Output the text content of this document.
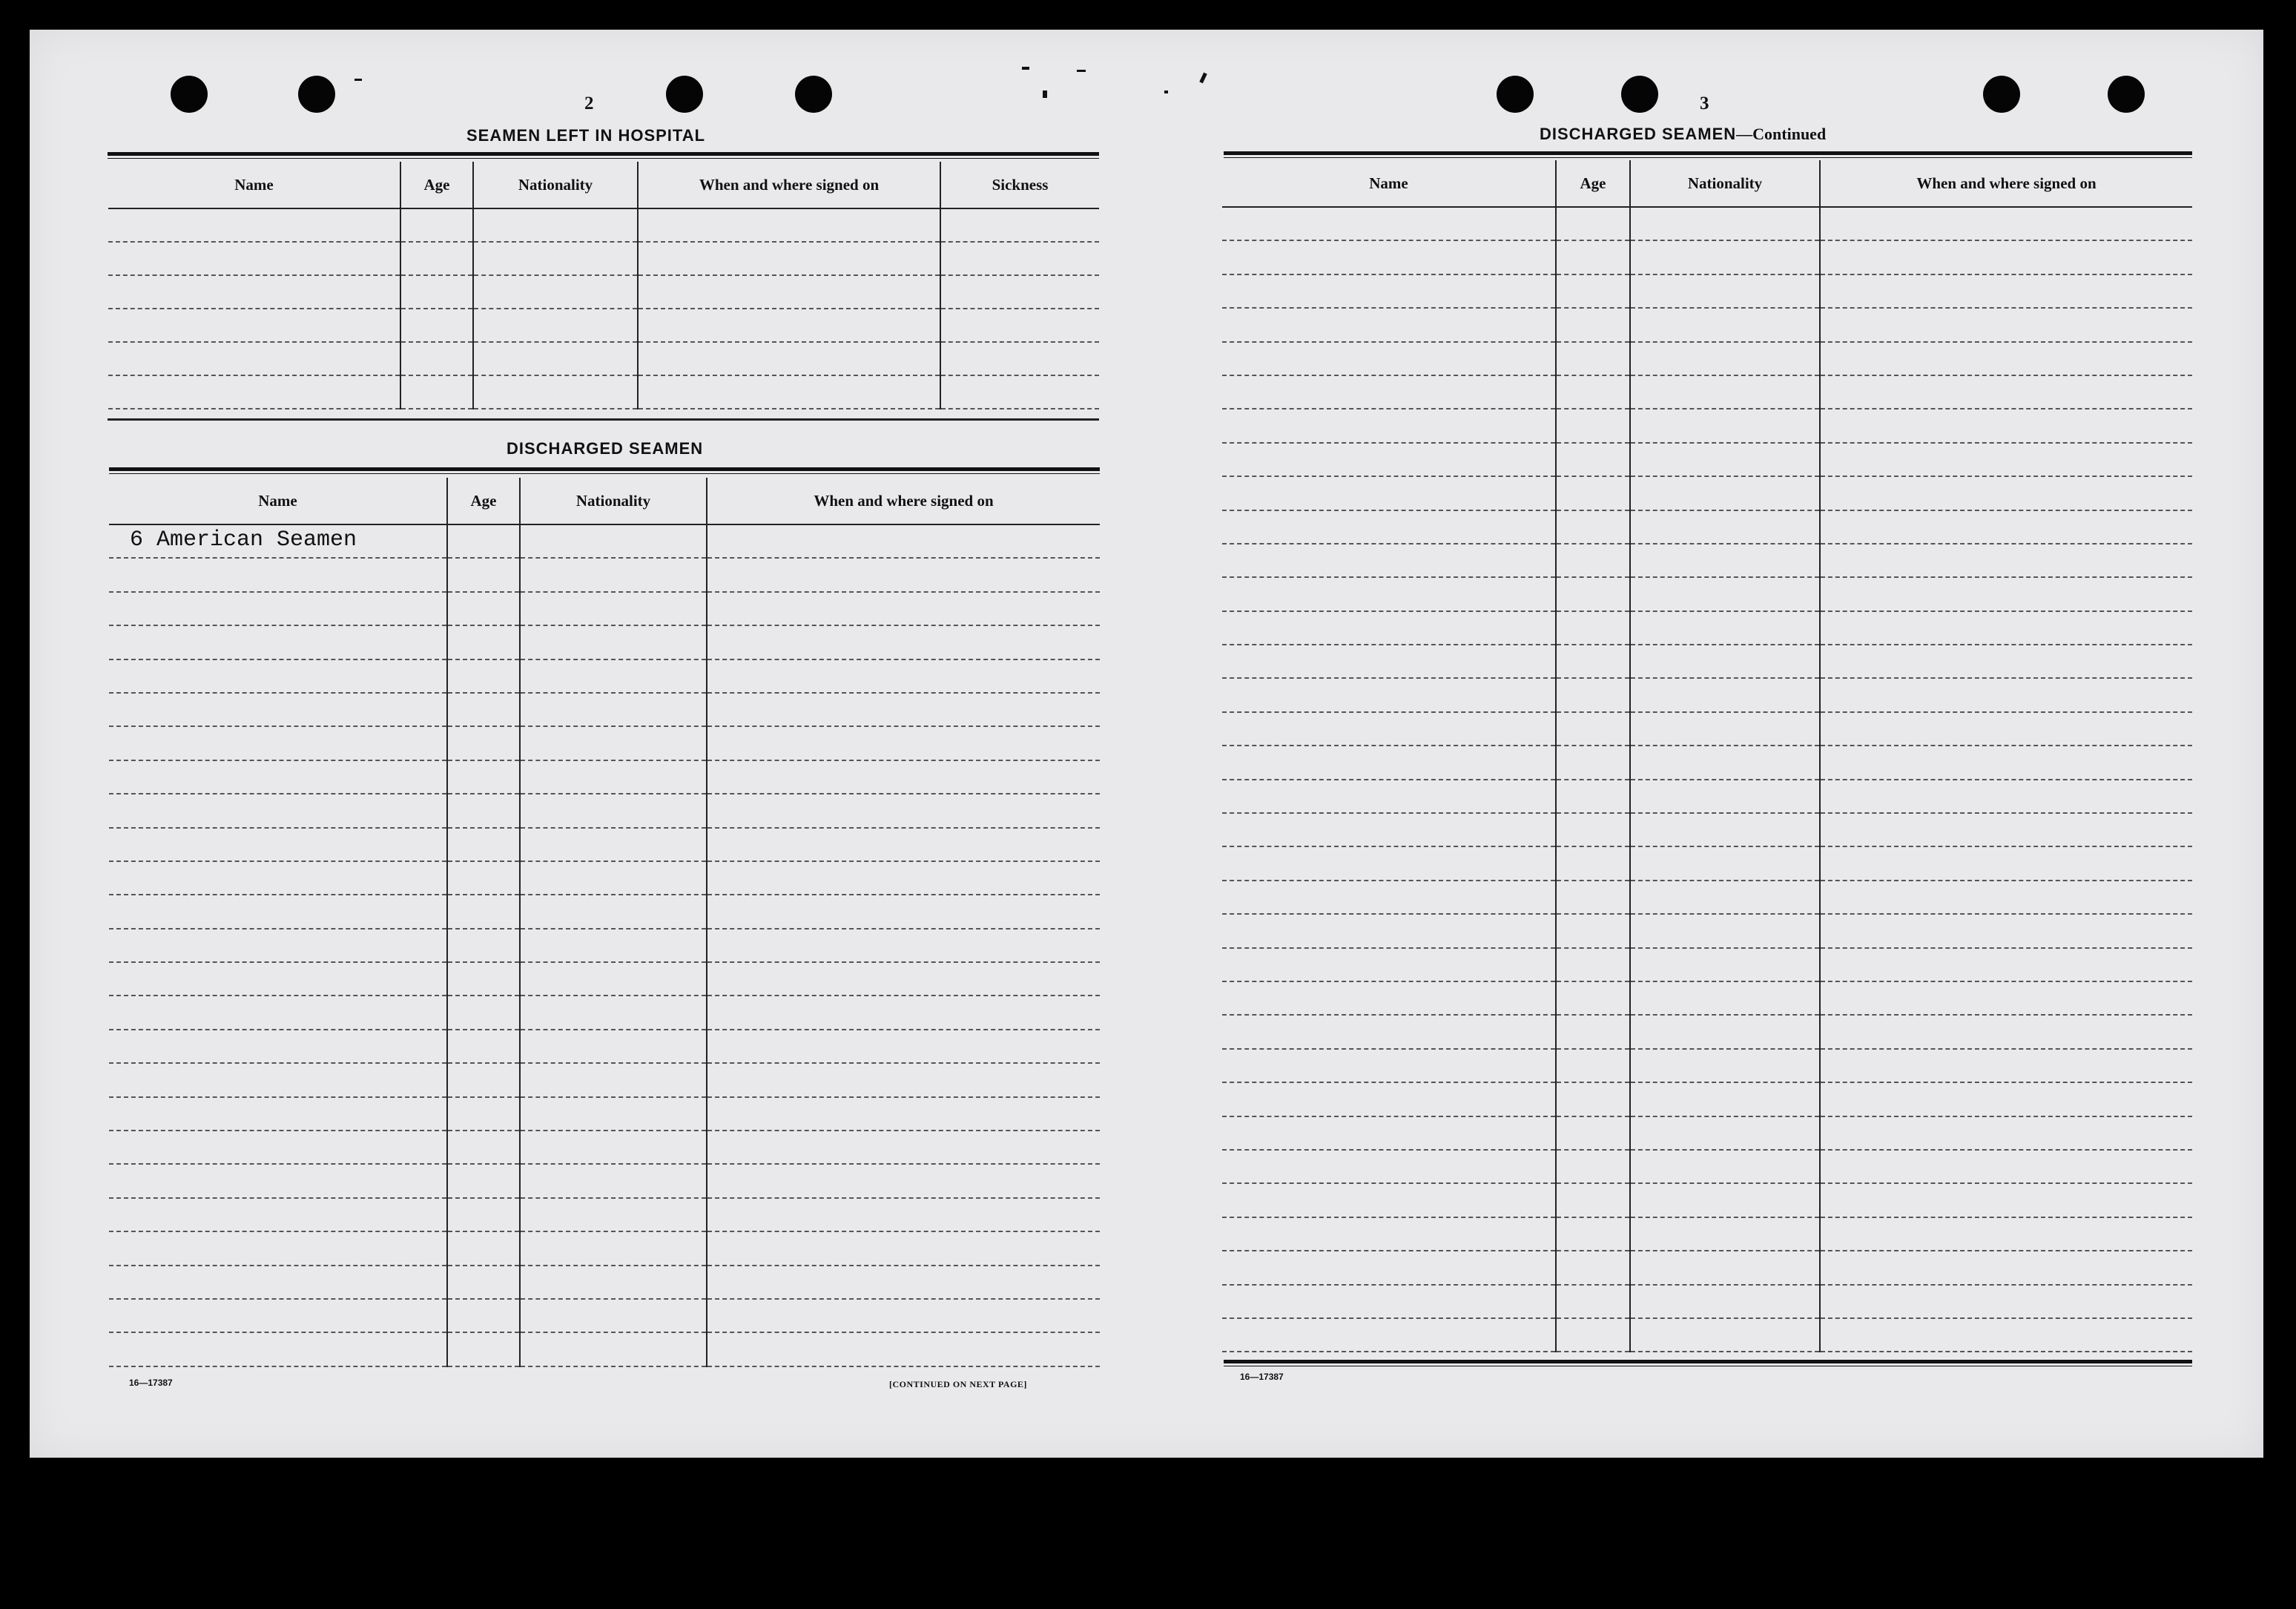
2
SEAMEN LEFT IN HOSPITAL
Name	Age	Nationality	When and where signed on	Sickness

DISCHARGED SEAMEN
Name	Age	Nationality	When and where signed on

6 American Seamen			

16—17387	[CONTINUED ON NEXT PAGE]
3
DISCHARGED SEAMEN—Continued
Name	Age	Nationality	When and where signed on

16—17387
